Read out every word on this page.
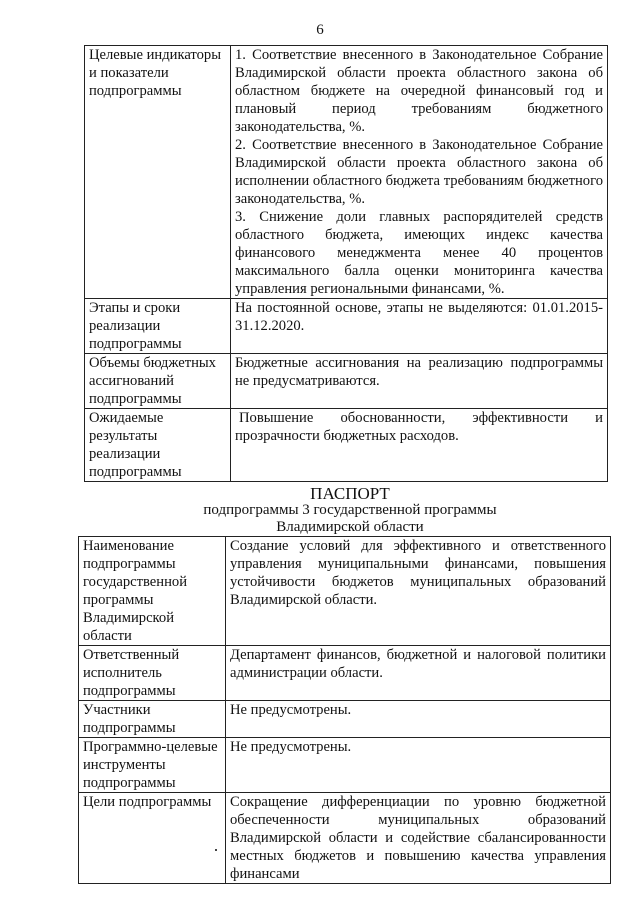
6
Целевые индикаторы и показатели подпрограммы	1. Соответствие внесенного в Законодательное Собрание Владимирской области проекта областного закона об областном бюджете на очередной финансовый год и плановый период требованиям бюджетного законодательства, %.
2. Соответствие внесенного в Законодательное Собрание Владимирской области проекта областного закона об исполнении областного бюджета требованиям бюджетного законодательства, %.
3. Снижение доли главных распорядителей средств областного бюджета, имеющих индекс качества финансового менеджмента менее 40 процентов максимального балла оценки мониторинга качества управления региональными финансами, %.

Этапы и сроки реализации подпрограммы	На постоянной основе, этапы не выделяются: 01.01.2015-31.12.2020.

Объемы бюджетных ассигнований подпрограммы	Бюджетные ассигнования на реализацию подпрограммы не предусматриваются.

Ожидаемые результаты реализации подпрограммы	Повышение обоснованности, эффективности и прозрачности бюджетных расходов.
ПАСПОРТ
подпрограммы 3 государственной программы
Владимирской области
Наименование подпрограммы государственной программы Владимирской области	Создание условий для эффективного и ответственного управления муниципальными финансами, повышения устойчивости бюджетов муниципальных образований Владимирской области.

Ответственный исполнитель подпрограммы	Департамент финансов, бюджетной и налоговой политики администрации области.

Участники подпрограммы	Не предусмотрены.

Программно-целевые инструменты подпрограммы	Не предусмотрены.

Цели подпрограммы	Сокращение дифференциации по уровню бюджетной обеспеченности муниципальных образований Владимирской области и содействие сбалансированности местных бюджетов и повышению качества управления финансами
